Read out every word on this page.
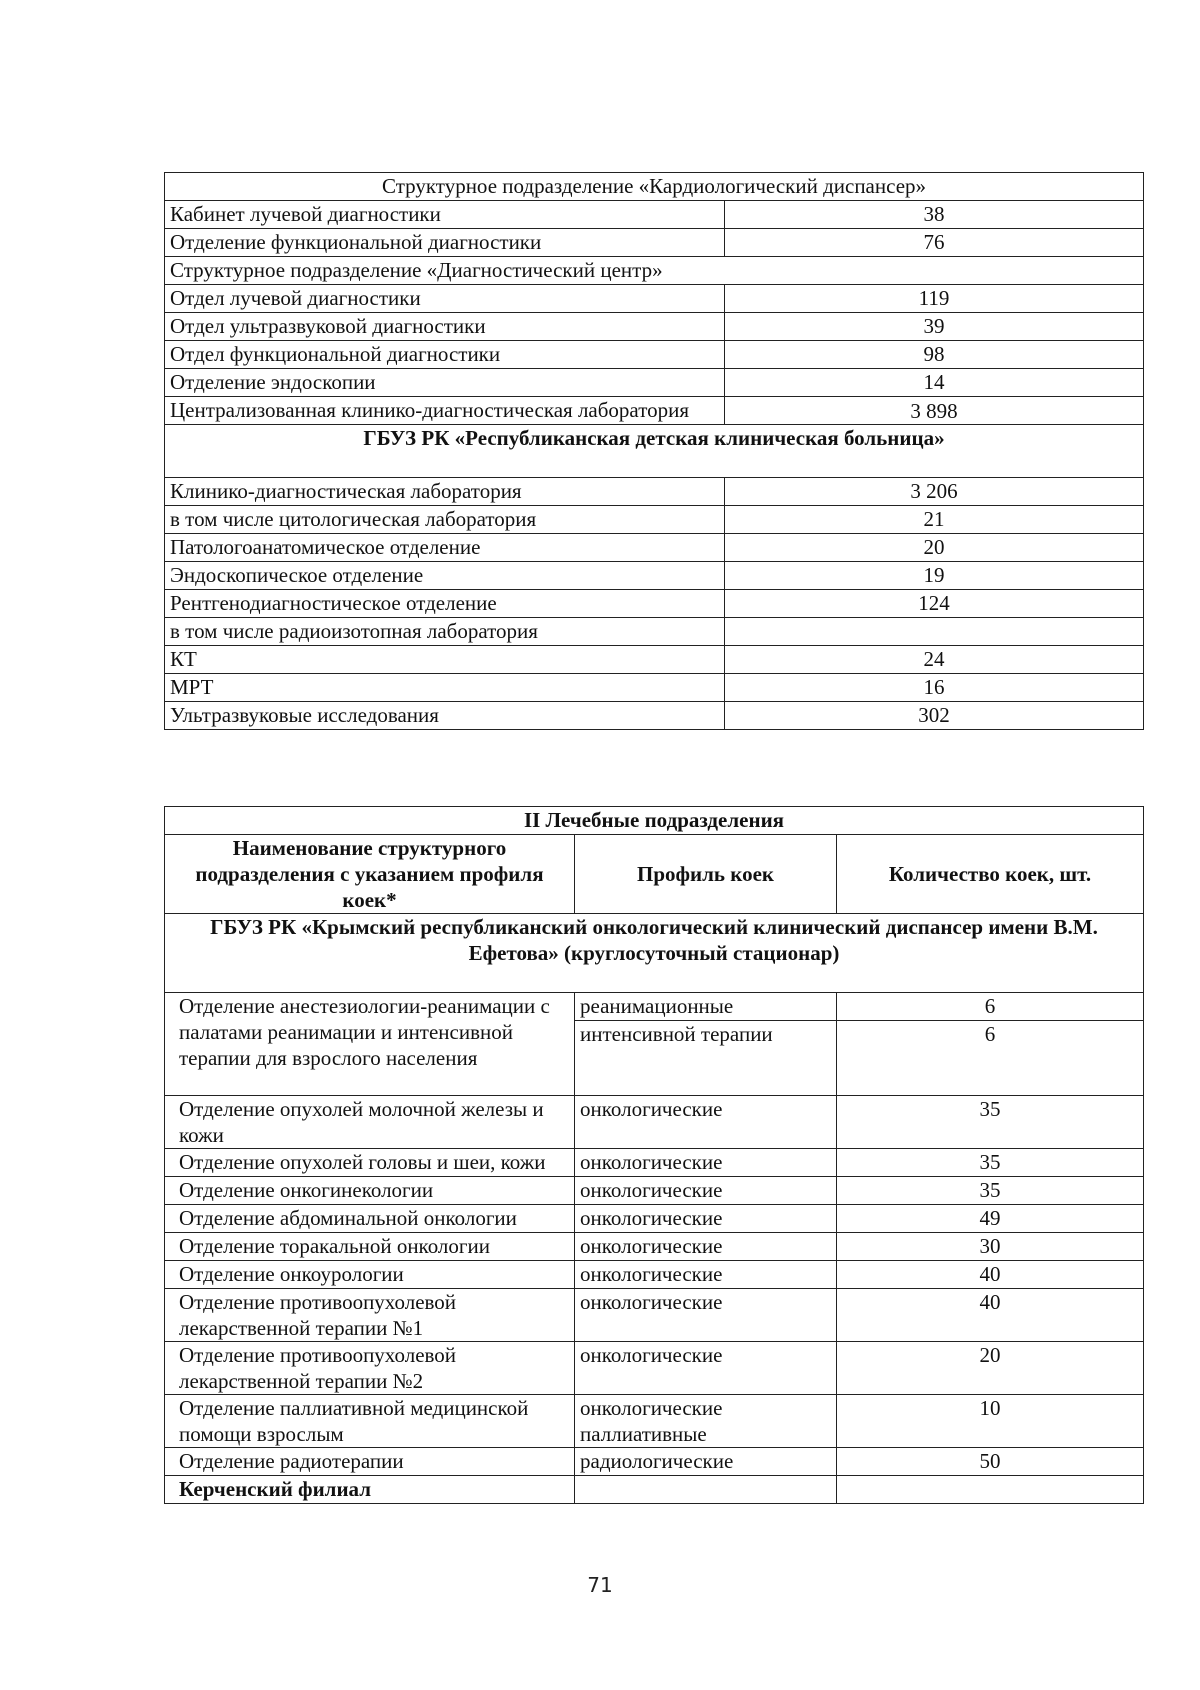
Структурное подразделение «Кардиологический диспансер»	
Кабинет лучевой диагностики	38
Отделение функциональной диагностики	76
Структурное подразделение «Диагностический центр»	
Отдел лучевой диагностики	119
Отдел ультразвуковой диагностики	39
Отдел функциональной диагностики	98
Отделение эндоскопии	14
Централизованная клинико-диагностическая лаборатория	3 898
ГБУЗ РК «Республиканская детская клиническая больница»	
Клинико-диагностическая лаборатория	3 206
в том числе цитологическая лаборатория	21
Патологоанатомическое отделение	20
Эндоскопическое отделение	19
Рентгенодиагностическое отделение	124
в том числе радиоизотопная лаборатория	
КТ	24
МРТ	16
Ультразвуковые исследования	302
II Лечебные подразделения		
Наименование структурного подразделения с указанием профиля коек*	Профиль коек	Количество коек, шт.
ГБУЗ РК «Крымский республиканский онкологический клинический диспансер имени В.М. Ефетова» (круглосуточный стационар)		
Отделение анестезиологии-реанимации с палатами реанимации и интенсивной терапии для взрослого населения	реанимационные	6
	интенсивной терапии	6
Отделение опухолей молочной железы и кожи	онкологические	35
Отделение опухолей головы и шеи, кожи	онкологические	35
Отделение онкогинекологии	онкологические	35
Отделение абдоминальной онкологии	онкологические	49
Отделение торакальной онкологии	онкологические	30
Отделение онкоурологии	онкологические	40
Отделение противоопухолевой лекарственной терапии №1	онкологические	40
Отделение противоопухолевой лекарственной терапии №2	онкологические	20
Отделение паллиативной медицинской помощи взрослым	онкологические паллиативные	10
Отделение радиотерапии	радиологические	50
Керченский филиал		
71
